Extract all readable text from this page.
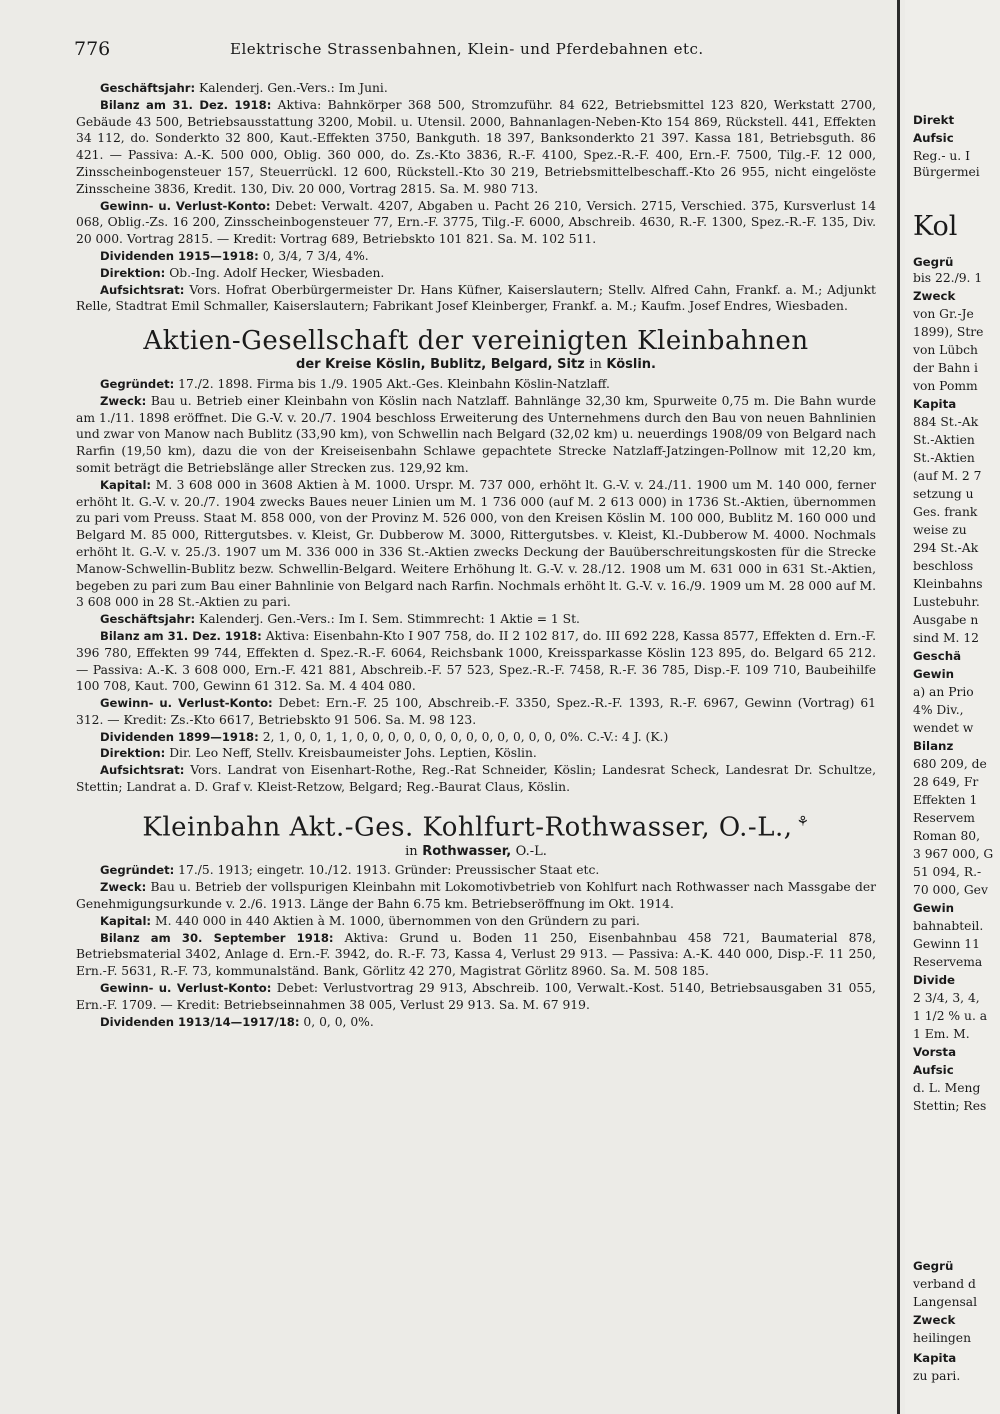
776	Elektrische Strassenbahnen, Klein- und Pferdebahnen etc.

Geschäftsjahr: Kalenderj. Gen.-Vers.: Im Juni.

Bilanz am 31. Dez. 1918: Aktiva: Bahnkörper 368 500, Stromzuführ. 84 622, Betriebsmittel 123 820, Werkstatt 2700, Gebäude 43 500, Betriebsausstattung 3200, Mobil. u. Utensil. 2000, Bahnanlagen-Neben-Kto 154 869, Rückstell. 441, Effekten 34 112, do. Sonderkto 32 800, Kaut.-Effekten 3750, Bankguth. 18 397, Banksonderkto 21 397. Kassa 181, Betriebsguth. 86 421. — Passiva: A.-K. 500 000, Oblig. 360 000, do. Zs.-Kto 3836, R.-F. 4100, Spez.-R.-F. 400, Ern.-F. 7500, Tilg.-F. 12 000, Zinsscheinbogensteuer 157, Steuerrückl. 12 600, Rückstell.-Kto 30 219, Betriebsmittelbeschaff.-Kto 26 955, nicht eingelöste Zinsscheine 3836, Kredit. 130, Div. 20 000, Vortrag 2815. Sa. M. 980 713.

Gewinn- u. Verlust-Konto: Debet: Verwalt. 4207, Abgaben u. Pacht 26 210, Versich. 2715, Verschied. 375, Kursverlust 14 068, Oblig.-Zs. 16 200, Zinsscheinbogensteuer 77, Ern.-F. 3775, Tilg.-F. 6000, Abschreib. 4630, R.-F. 1300, Spez.-R.-F. 135, Div. 20 000. Vortrag 2815. — Kredit: Vortrag 689, Betriebskto 101 821. Sa. M. 102 511.

Dividenden 1915—1918: 0, 3/4, 7 3/4, 4%.

Direktion: Ob.-Ing. Adolf Hecker, Wiesbaden.

Aufsichtsrat: Vors. Hofrat Oberbürgermeister Dr. Hans Küfner, Kaiserslautern; Stellv. Alfred Cahn, Frankf. a. M.; Adjunkt Relle, Stadtrat Emil Schmaller, Kaiserslautern; Fabrikant Josef Kleinberger, Frankf. a. M.; Kaufm. Josef Endres, Wiesbaden.

Aktien-Gesellschaft der vereinigten Kleinbahnen
der Kreise Köslin, Bublitz, Belgard, Sitz in Köslin.

Gegründet: 17./2. 1898. Firma bis 1./9. 1905 Akt.-Ges. Kleinbahn Köslin-Natzlaff.

Zweck: Bau u. Betrieb einer Kleinbahn von Köslin nach Natzlaff. Bahnlänge 32,30 km, Spurweite 0,75 m. Die Bahn wurde am 1./11. 1898 eröffnet. Die G.-V. v. 20./7. 1904 beschloss Erweiterung des Unternehmens durch den Bau von neuen Bahnlinien und zwar von Manow nach Bublitz (33,90 km), von Schwellin nach Belgard (32,02 km) u. neuerdings 1908/09 von Belgard nach Rarfin (19,50 km), dazu die von der Kreiseisenbahn Schlawe gepachtete Strecke Natzlaff-Jatzingen-Pollnow mit 12,20 km, somit beträgt die Betriebslänge aller Strecken zus. 129,92 km.

Kapital: M. 3 608 000 in 3608 Aktien à M. 1000. Urspr. M. 737 000, erhöht lt. G.-V. v. 24./11. 1900 um M. 140 000, ferner erhöht lt. G.-V. v. 20./7. 1904 zwecks Baues neuer Linien um M. 1 736 000 (auf M. 2 613 000) in 1736 St.-Aktien, übernommen zu pari vom Preuss. Staat M. 858 000, von der Provinz M. 526 000, von den Kreisen Köslin M. 100 000, Bublitz M. 160 000 und Belgard M. 85 000, Rittergutsbes. v. Kleist, Gr. Dubberow M. 3000, Rittergutsbes. v. Kleist, Kl.-Dubberow M. 4000. Nochmals erhöht lt. G.-V. v. 25./3. 1907 um M. 336 000 in 336 St.-Aktien zwecks Deckung der Bauüberschreitungskosten für die Strecke Manow-Schwellin-Bublitz bezw. Schwellin-Belgard. Weitere Erhöhung lt. G.-V. v. 28./12. 1908 um M. 631 000 in 631 St.-Aktien, begeben zu pari zum Bau einer Bahnlinie von Belgard nach Rarfin. Nochmals erhöht lt. G.-V. v. 16./9. 1909 um M. 28 000 auf M. 3 608 000 in 28 St.-Aktien zu pari.

Geschäftsjahr: Kalenderj. Gen.-Vers.: Im I. Sem. Stimmrecht: 1 Aktie = 1 St.

Bilanz am 31. Dez. 1918: Aktiva: Eisenbahn-Kto I 907 758, do. II 2 102 817, do. III 692 228, Kassa 8577, Effekten d. Ern.-F. 396 780, Effekten 99 744, Effekten d. Spez.-R.-F. 6064, Reichsbank 1000, Kreissparkasse Köslin 123 895, do. Belgard 65 212. — Passiva: A.-K. 3 608 000, Ern.-F. 421 881, Abschreib.-F. 57 523, Spez.-R.-F. 7458, R.-F. 36 785, Disp.-F. 109 710, Baubeihilfe 100 708, Kaut. 700, Gewinn 61 312. Sa. M. 4 404 080.

Gewinn- u. Verlust-Konto: Debet: Ern.-F. 25 100, Abschreib.-F. 3350, Spez.-R.-F. 1393, R.-F. 6967, Gewinn (Vortrag) 61 312. — Kredit: Zs.-Kto 6617, Betriebskto 91 506. Sa. M. 98 123.

Dividenden 1899—1918: 2, 1, 0, 0, 1, 1, 0, 0, 0, 0, 0, 0, 0, 0, 0, 0, 0, 0, 0, 0%. C.-V.: 4 J. (K.)

Direktion: Dir. Leo Neff, Stellv. Kreisbaumeister Johs. Leptien, Köslin.

Aufsichtsrat: Vors. Landrat von Eisenhart-Rothe, Reg.-Rat Schneider, Köslin; Landesrat Scheck, Landesrat Dr. Schultze, Stettin; Landrat a. D. Graf v. Kleist-Retzow, Belgard; Reg.-Baurat Claus, Köslin.

Kleinbahn Akt.-Ges. Kohlfurt-Rothwasser, O.-L., ⚘
in Rothwasser, O.-L.

Gegründet: 17./5. 1913; eingetr. 10./12. 1913. Gründer: Preussischer Staat etc.

Zweck: Bau u. Betrieb der vollspurigen Kleinbahn mit Lokomotivbetrieb von Kohlfurt nach Rothwasser nach Massgabe der Genehmigungsurkunde v. 2./6. 1913. Länge der Bahn 6.75 km. Betriebseröffnung im Okt. 1914.

Kapital: M. 440 000 in 440 Aktien à M. 1000, übernommen von den Gründern zu pari.

Bilanz am 30. September 1918: Aktiva: Grund u. Boden 11 250, Eisenbahnbau 458 721, Baumaterial 878, Betriebsmaterial 3402, Anlage d. Ern.-F. 3942, do. R.-F. 73, Kassa 4, Verlust 29 913. — Passiva: A.-K. 440 000, Disp.-F. 11 250, Ern.-F. 5631, R.-F. 73, kommunalständ. Bank, Görlitz 42 270, Magistrat Görlitz 8960. Sa. M. 508 185.

Gewinn- u. Verlust-Konto: Debet: Verlustvortrag 29 913, Abschreib. 100, Verwalt.-Kost. 5140, Betriebsausgaben 31 055, Ern.-F. 1709. — Kredit: Betriebseinnahmen 38 005, Verlust 29 913. Sa. M. 67 919.

Dividenden 1913/14—1917/18: 0, 0, 0, 0%.

Direkt
Aufsic
Reg.- u. I
Bürgermei
Kol
Gegrü
bis 22./9. 1
Zweck
von Gr.-Je
1899), Stre
von Lübch
der Bahn i
von Pomm
Kapita
884 St.-Ak
St.-Aktien
St.-Aktien
(auf M. 2 7
setzung u
Ges. frank
weise zu
294 St.-Ak
beschloss
Kleinbahns
Lustebuhr.
Ausgabe n
sind M. 12
Geschä
Gewin
a) an Prio
4% Div.,
wendet w
Bilanz
680 209, de
28 649, Fr
Effekten 1
Reservem
Roman 80,
3 967 000, G
51 094, R.-
70 000, Gev
Gewin
bahnabteil.
Gewinn 11
Reservema
Divide
2 3/4, 3, 4,
1 1/2 % u. a
1 Em. M.
Vorsta
Aufsic
d. L. Meng
Stettin; Res
Gegrü
verband d
Langensal
Zweck
heilingen
Kapita
zu pari.
